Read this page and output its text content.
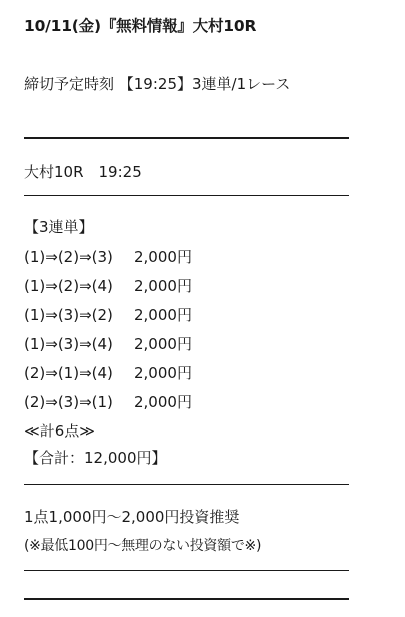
10/11(金)『無料情報』大村10R
締切予定時刻 【19:25】3連単/1レース
大村10R　19:25
【3連単】
(1)⇒(2)⇒(3) 2,000円
(1)⇒(2)⇒(4) 2,000円
(1)⇒(3)⇒(2) 2,000円
(1)⇒(3)⇒(4) 2,000円
(2)⇒(1)⇒(4) 2,000円
(2)⇒(3)⇒(1) 2,000円
≪計6点≫
【合計：12,000円】
1点1,000円〜2,000円投資推奨
(※最低100円〜無理のない投資額で※)
